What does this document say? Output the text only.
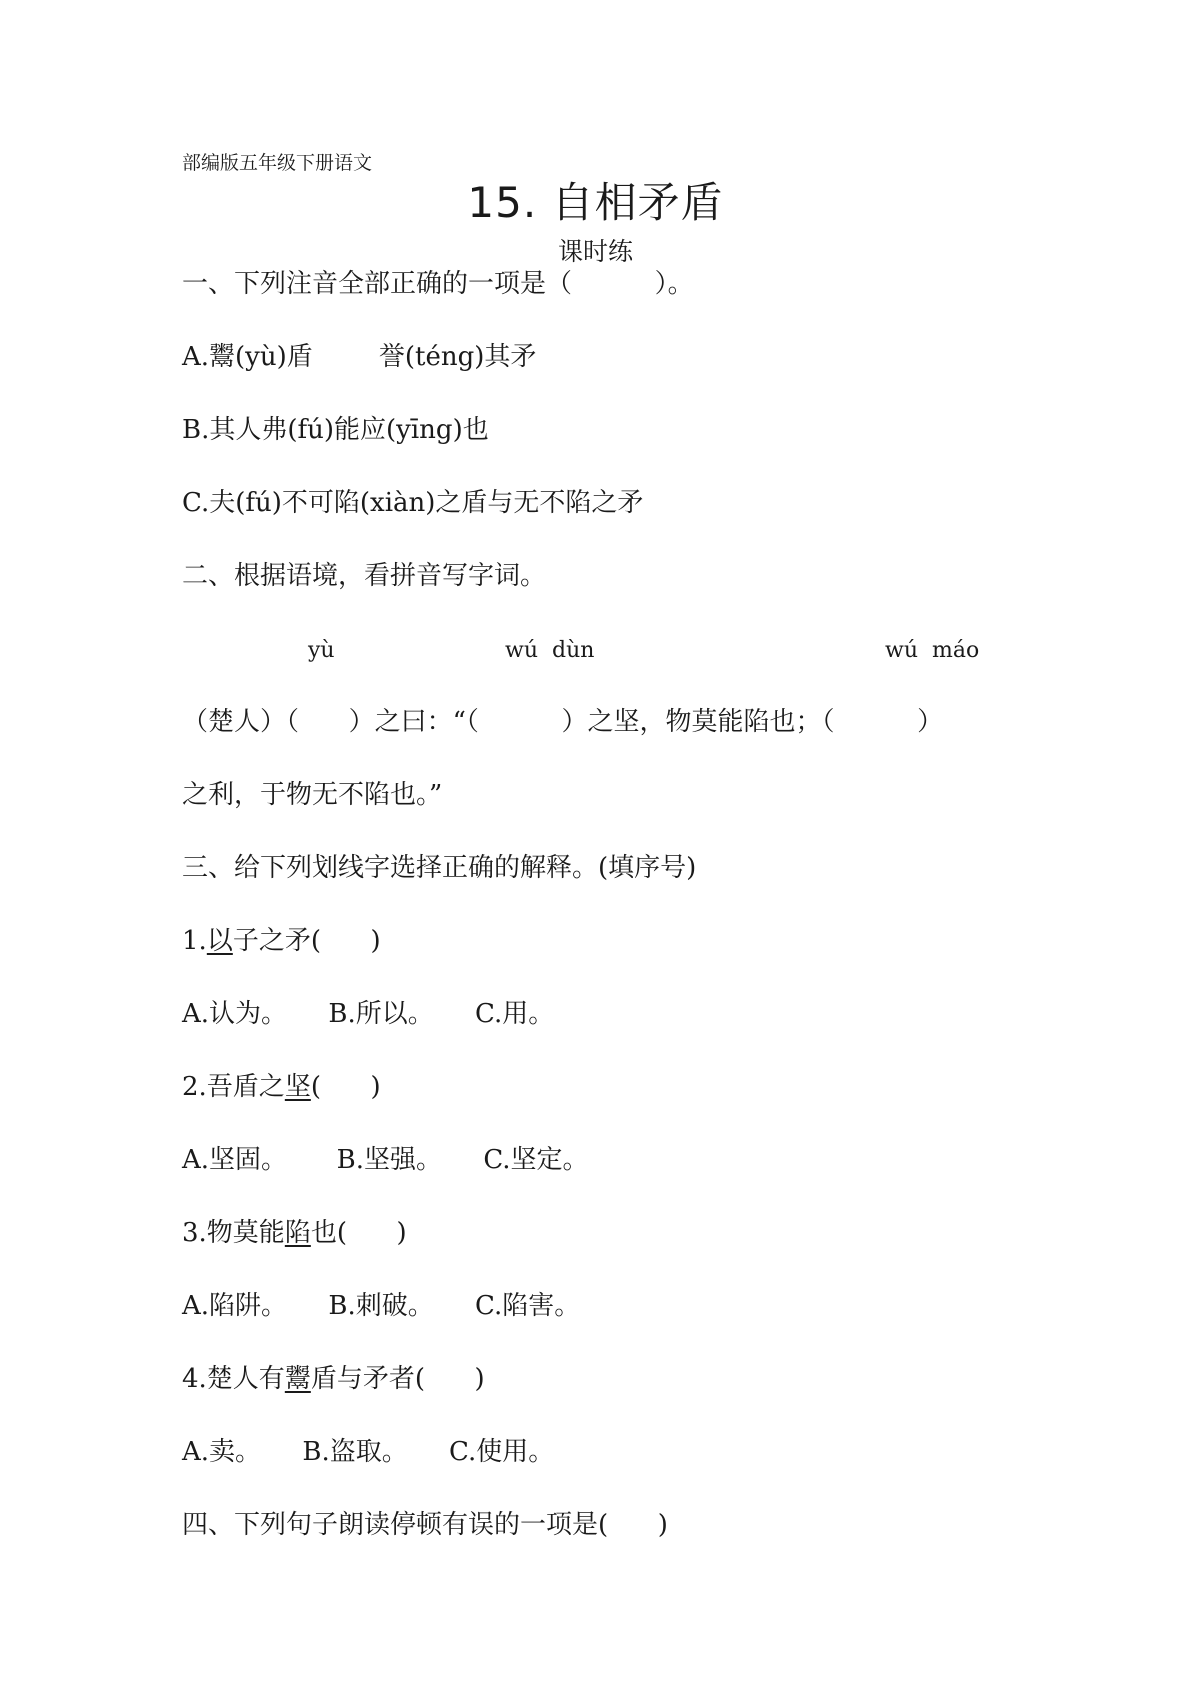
部编版五年级下册语文
15. 自相矛盾
课时练
一、下列注音全部正确的一项是（          ）。
A.鬻(yù)盾        誉(téng)其矛
B.其人弗(fú)能应(yīng)也
C.夫(fú)不可陷(xiàn)之盾与无不陷之矛
二、根据语境，看拼音写字词。
yù	wú  dùn	wú  máo
（楚人）（      ）之曰：“（          ）之坚，物莫能陷也；（          ）
之利，于物无不陷也。”
三、给下列划线字选择正确的解释。(填序号)
1.以子之矛(      )
A.认为。     B.所以。     C.用。
2.吾盾之坚(      )
A.坚固。      B.坚强。     C.坚定。
3.物莫能陷也(      )
A.陷阱。     B.刺破。     C.陷害。
4.楚人有鬻盾与矛者(      )
A.卖。     B.盗取。     C.使用。
四、下列句子朗读停顿有误的一项是(      )
